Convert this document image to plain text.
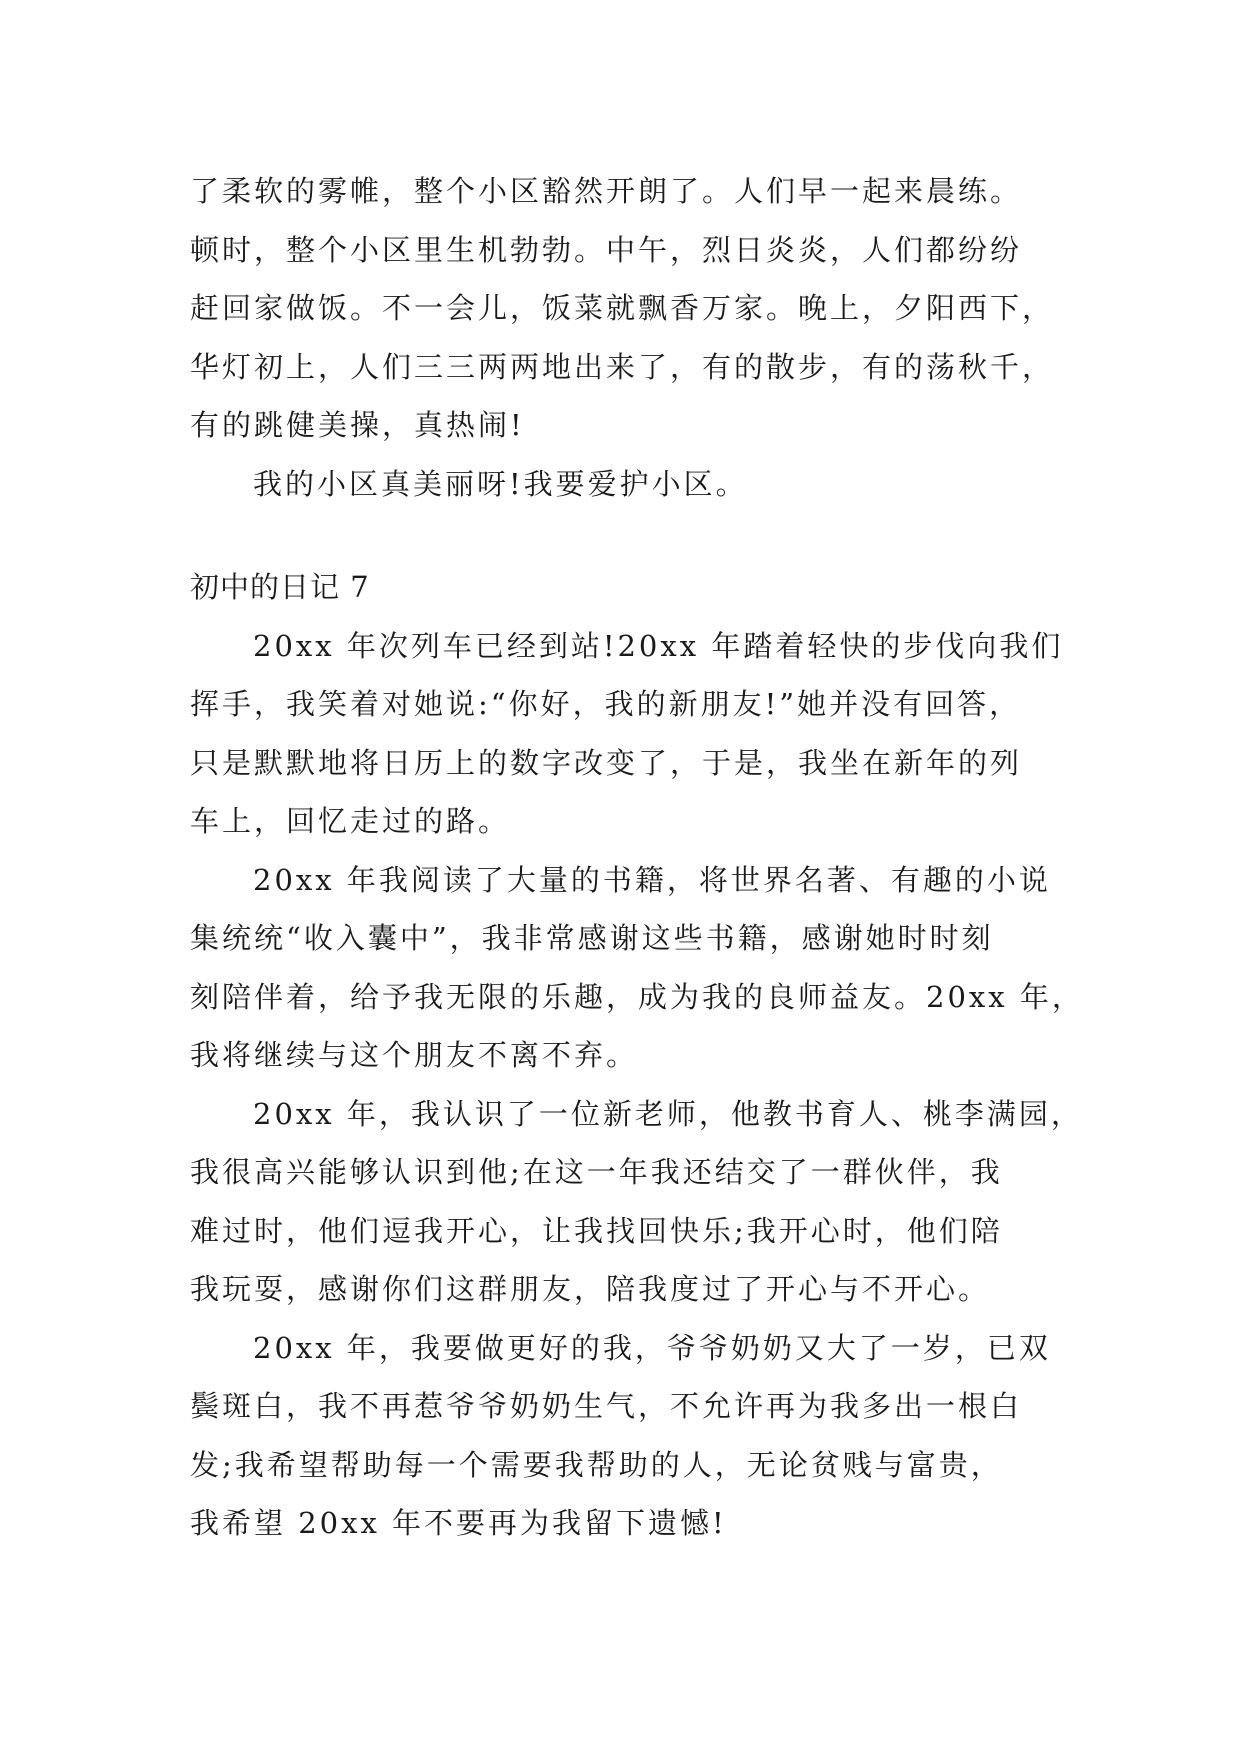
了柔软的雾帷，整个小区豁然开朗了。人们早一起来晨练。
顿时，整个小区里生机勃勃。中午，烈日炎炎，人们都纷纷
赶回家做饭。不一会儿，饭菜就飘香万家。晚上，夕阳西下，
华灯初上，人们三三两两地出来了，有的散步，有的荡秋千，
有的跳健美操，真热闹!
我的小区真美丽呀!我要爱护小区。
初中的日记 7
20xx 年次列车已经到站!20xx 年踏着轻快的步伐向我们
挥手，我笑着对她说:“你好，我的新朋友!”她并没有回答，
只是默默地将日历上的数字改变了，于是，我坐在新年的列
车上，回忆走过的路。
20xx 年我阅读了大量的书籍，将世界名著、有趣的小说
集统统“收入囊中”，我非常感谢这些书籍，感谢她时时刻
刻陪伴着，给予我无限的乐趣，成为我的良师益友。20xx 年，
我将继续与这个朋友不离不弃。
20xx 年，我认识了一位新老师，他教书育人、桃李满园，
我很高兴能够认识到他;在这一年我还结交了一群伙伴，我
难过时，他们逗我开心，让我找回快乐;我开心时，他们陪
我玩耍，感谢你们这群朋友，陪我度过了开心与不开心。
20xx 年，我要做更好的我，爷爷奶奶又大了一岁，已双
鬓斑白，我不再惹爷爷奶奶生气，不允许再为我多出一根白
发;我希望帮助每一个需要我帮助的人，无论贫贱与富贵，
我希望 20xx 年不要再为我留下遗憾!
